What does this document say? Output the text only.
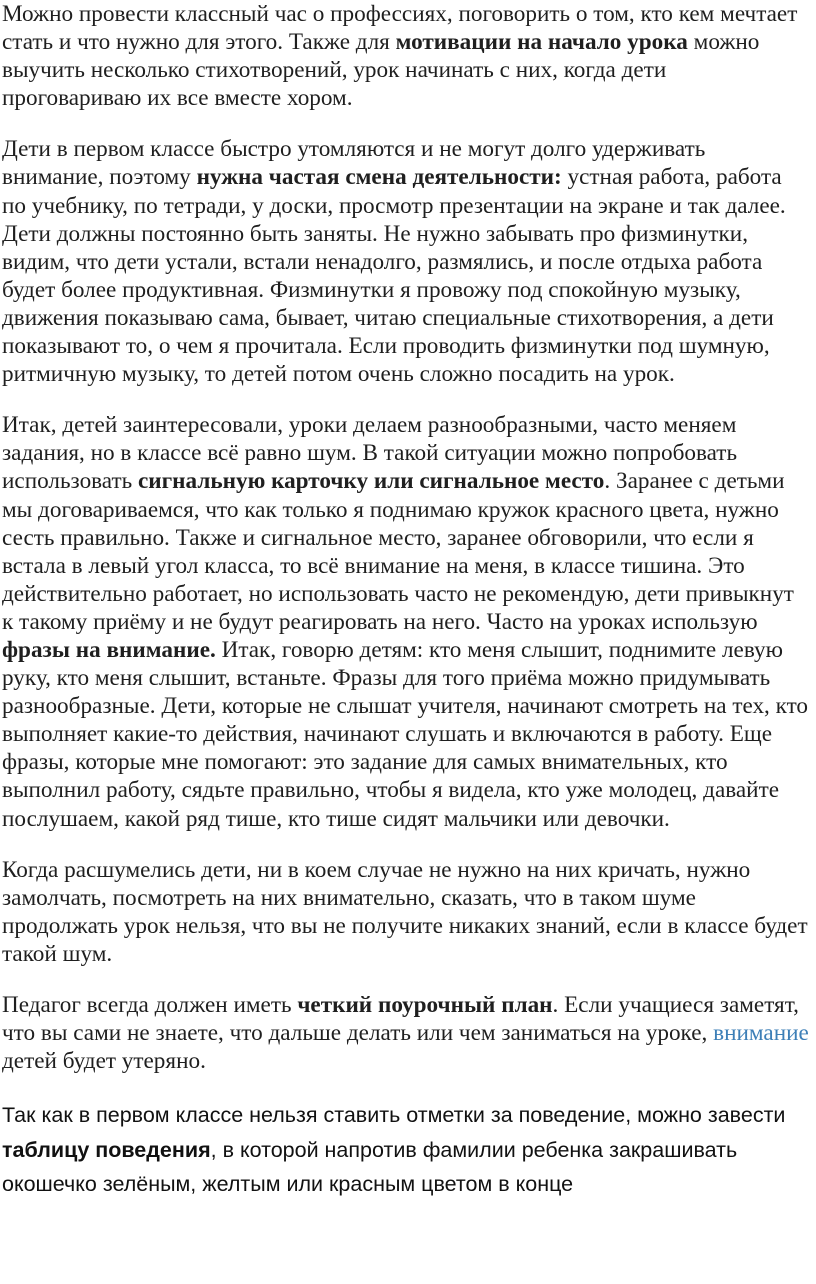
Можно провести классный час о профессиях, поговорить о том, кто кем мечтает стать и что нужно для этого. Также для мотивации на начало урока можно выучить несколько стихотворений, урок начинать с них, когда дети проговариваю их все вместе хором.

Дети в первом классе быстро утомляются и не могут долго удерживать внимание, поэтому нужна частая смена деятельности: устная работа, работа по учебнику, по тетради, у доски, просмотр презентации на экране и так далее. Дети должны постоянно быть заняты. Не нужно забывать про физминутки, видим, что дети устали, встали ненадолго, размялись, и после отдыха работа будет более продуктивная. Физминутки я провожу под спокойную музыку, движения показываю сама, бывает, читаю специальные стихотворения, а дети показывают то, о чем я прочитала. Если проводить физминутки под шумную, ритмичную музыку, то детей потом очень сложно посадить на урок.

Итак, детей заинтересовали, уроки делаем разнообразными, часто меняем задания, но в классе всё равно шум. В такой ситуации можно попробовать использовать сигнальную карточку или сигнальное место. Заранее с детьми мы договариваемся, что как только я поднимаю кружок красного цвета, нужно сесть правильно. Также и сигнальное место, заранее обговорили, что если я встала в левый угол класса, то всё внимание на меня, в классе тишина. Это действительно работает, но использовать часто не рекомендую, дети привыкнут к такому приёму и не будут реагировать на него. Часто на уроках использую фразы на внимание. Итак, говорю детям: кто меня слышит, поднимите левую руку, кто меня слышит, встаньте. Фразы для того приёма можно придумывать разнообразные. Дети, которые не слышат учителя, начинают смотреть на тех, кто выполняет какие-то действия, начинают слушать и включаются в работу. Еще фразы, которые мне помогают: это задание для самых внимательных, кто выполнил работу, сядьте правильно, чтобы я видела, кто уже молодец, давайте послушаем, какой ряд тише, кто тише сидят мальчики или девочки.

Когда расшумелись дети, ни в коем случае не нужно на них кричать, нужно замолчать, посмотреть на них внимательно, сказать, что в таком шуме продолжать урок нельзя, что вы не получите никаких знаний, если в классе будет такой шум.

Педагог всегда должен иметь четкий поурочный план. Если учащиеся заметят, что вы сами не знаете, что дальше делать или чем заниматься на уроке, внимание детей будет утеряно.

Так как в первом классе нельзя ставить отметки за поведение, можно завести таблицу поведения, в которой напротив фамилии ребенка закрашивать окошечко зелёным, желтым или красным цветом в конце
